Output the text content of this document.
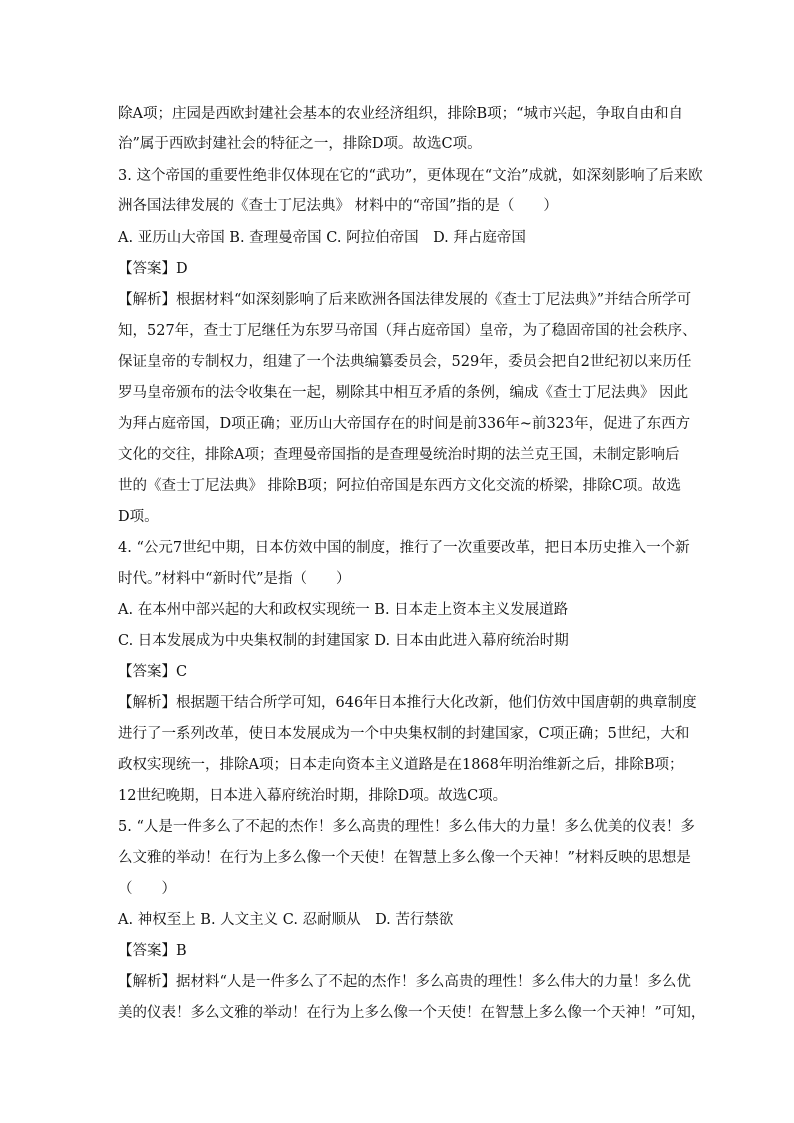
除A项；庄园是西欧封建社会基本的农业经济组织，排除B项；“城市兴起，争取自由和自
治”属于西欧封建社会的特征之一，排除D项。故选C项。
3. 这个帝国的重要性绝非仅体现在它的“武功”，更体现在“文治”成就，如深刻影响了后来欧
洲各国法律发展的《查士丁尼法典》 材料中的“帝国”指的是（　　）
A. 亚历山大帝国 B. 查理曼帝国 C. 阿拉伯帝国　D. 拜占庭帝国
【答案】D
【解析】根据材料“如深刻影响了后来欧洲各国法律发展的《查士丁尼法典》”并结合所学可
知，527年，查士丁尼继任为东罗马帝国（拜占庭帝国）皇帝，为了稳固帝国的社会秩序、
保证皇帝的专制权力，组建了一个法典编纂委员会，529年，委员会把自2世纪初以来历任
罗马皇帝颁布的法令收集在一起，剔除其中相互矛盾的条例，编成《查士丁尼法典》 因此
为拜占庭帝国，D项正确；亚历山大帝国存在的时间是前336年~前323年，促进了东西方
文化的交往，排除A项；查理曼帝国指的是查理曼统治时期的法兰克王国，未制定影响后
世的《查士丁尼法典》 排除B项；阿拉伯帝国是东西方文化交流的桥梁，排除C项。故选
D项。
4. “公元7世纪中期，日本仿效中国的制度，推行了一次重要改革，把日本历史推入一个新
时代。”材料中“新时代”是指（　　）
A. 在本州中部兴起的大和政权实现统一 B. 日本走上资本主义发展道路
C. 日本发展成为中央集权制的封建国家 D. 日本由此进入幕府统治时期
【答案】C
【解析】根据题干结合所学可知，646年日本推行大化改新，他们仿效中国唐朝的典章制度
进行了一系列改革，使日本发展成为一个中央集权制的封建国家，C项正确；5世纪，大和
政权实现统一，排除A项；日本走向资本主义道路是在1868年明治维新之后，排除B项；
12世纪晚期，日本进入幕府统治时期，排除D项。故选C项。
5. “人是一件多么了不起的杰作！多么高贵的理性！多么伟大的力量！多么优美的仪表！多
么文雅的举动！在行为上多么像一个天使！在智慧上多么像一个天神！”材料反映的思想是
（　　）
A. 神权至上 B. 人文主义 C. 忍耐顺从　D. 苦行禁欲
【答案】B
【解析】据材料“人是一件多么了不起的杰作！多么高贵的理性！多么伟大的力量！多么优
美的仪表！多么文雅的举动！在行为上多么像一个天使！在智慧上多么像一个天神！”可知，
